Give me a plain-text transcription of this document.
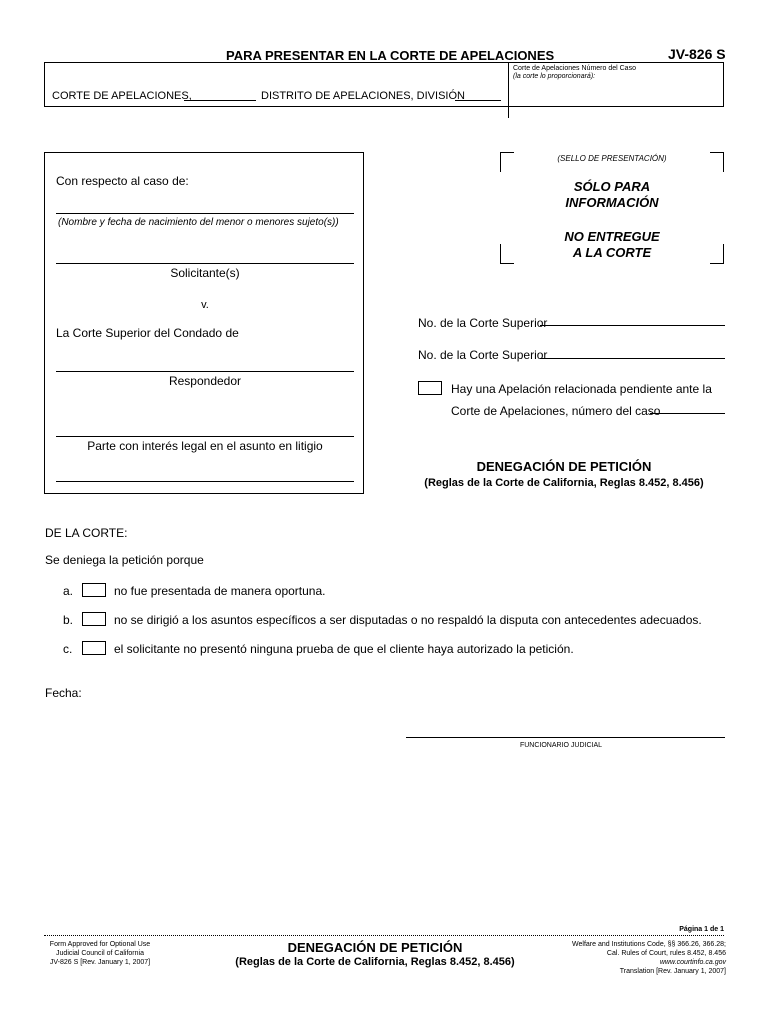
PARA PRESENTAR EN LA CORTE DE APELACIONES	JV-826 S
Corte de Apelaciones Número del Caso
(la corte lo proporcionará):
CORTE DE APELACIONES,	DISTRITO DE APELACIONES, DIVISIÓN
(SELLO DE PRESENTACIÓN)
SÓLO PARA
INFORMACIÓN
NO ENTREGUE
A LA CORTE
Con respecto al caso de:
(Nombre y fecha de nacimiento del menor o menores sujeto(s))
Solicitante(s)
v.
La Corte Superior del Condado de
Respondedor
Parte con interés legal en el asunto en litigio
No. de la Corte Superior
No. de la Corte Superior
Hay una Apelación relacionada pendiente ante la
Corte de Apelaciones, número del caso
DENEGACIÓN DE PETICIÓN
(Reglas de la Corte de California, Reglas 8.452, 8.456)
DE LA CORTE:
Se deniega la petición porque
a.	no fue presentada de manera oportuna.
b.	no se dirigió a los asuntos específicos a ser disputadas o no respaldó la disputa con antecedentes adecuados.
c.	el solicitante no presentó ninguna prueba de que el cliente haya autorizado la petición.
Fecha:
FUNCIONARIO JUDICIAL
Página 1 de 1
Form Approved for Optional Use
Judicial Council of California
JV-826 S [Rev. January 1, 2007]
DENEGACIÓN DE PETICIÓN
(Reglas de la Corte de California, Reglas 8.452, 8.456)
Welfare and Institutions Code, §§ 366.26, 366.28;
Cal. Rules of Court, rules 8.452, 8.456
www.courtinfo.ca.gov
Translation [Rev. January 1, 2007]
